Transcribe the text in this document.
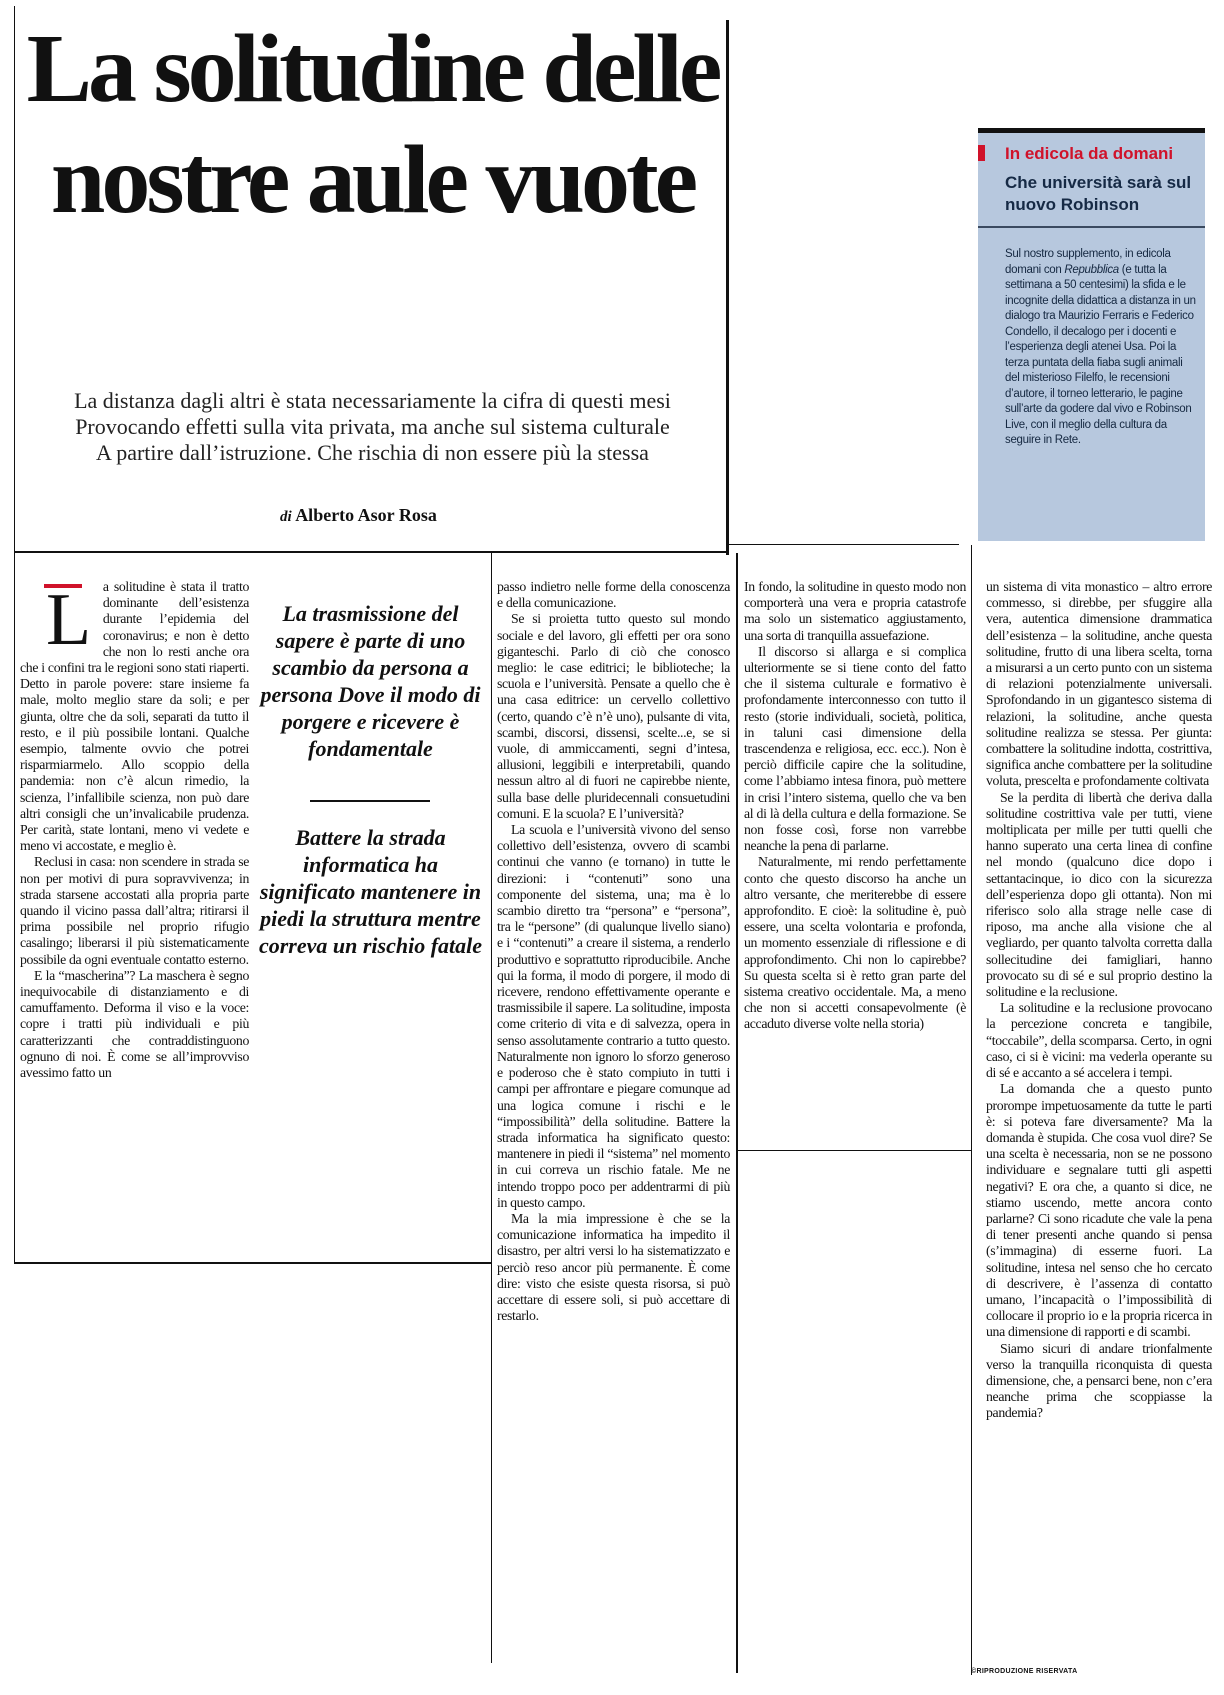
La solitudine delle nostre aule vuote
La distanza dagli altri è stata necessariamente la cifra di questi mesi
Provocando effetti sulla vita privata, ma anche sul sistema culturale
A partire dall’istruzione. Che rischia di non essere più la stessa
di Alberto Asor Rosa
In edicola da domani
Che università sarà sul nuovo Robinson
Sul nostro supplemento, in edicola domani con Repubblica (e tutta la settimana a 50 centesimi) la sfida e le incognite della didattica a distanza in un dialogo tra Maurizio Ferraris e Federico Condello, il decalogo per i docenti e l’esperienza degli atenei Usa. Poi la terza puntata della fiaba sugli animali del misterioso Filelfo, le recensioni d’autore, il torneo letterario, le pagine sull’arte da godere dal vivo e Robinson Live, con il meglio della cultura da seguire in Rete.
L a solitudine è stata il tratto dominante dell’esistenza durante l’epidemia del coronavirus; e non è detto che non lo resti anche ora che i confini tra le regioni sono stati riaperti. Detto in parole povere: stare insieme fa male, molto meglio stare da soli; e per giunta, oltre che da soli, separati da tutto il resto, e il più possibile lontani. Qualche esempio, talmente ovvio che potrei risparmiarmelo. Allo scoppio della pandemia: non c’è alcun rimedio, la scienza, l’infallibile scienza, non può dare altri consigli che un’invalicabile prudenza. Per carità, state lontani, meno vi vedete e meno vi accostate, e meglio è.

Reclusi in casa: non scendere in strada se non per motivi di pura sopravvivenza; in strada starsene accostati alla propria parte quando il vicino passa dall’altra; ritirarsi il prima possibile nel proprio rifugio casalingo; liberarsi il più sistematicamente possibile da ogni eventuale contatto esterno.

E la “mascherina”? La maschera è segno inequivocabile di distanziamento e di camuffamento. Deforma il viso e la voce: copre i tratti più individuali e più caratterizzanti che contraddistinguono ognuno di noi. È come se all’improvviso avessimo fatto un

La trasmissione del sapere è parte di uno scambio da persona a persona Dove il modo di porgere e ricevere è fondamentale
Battere la strada informatica ha significato mantenere in piedi la struttura mentre correva un rischio fatale

passo indietro nelle forme della conoscenza e della comunicazione.

Se si proietta tutto questo sul mondo sociale e del lavoro, gli effetti per ora sono giganteschi. Parlo di ciò che conosco meglio: le case editrici; le biblioteche; la scuola e l’università. Pensate a quello che è una casa editrice: un cervello collettivo (certo, quando c’è n’è uno), pulsante di vita, scambi, discorsi, dissensi, scelte...e, se si vuole, di ammiccamenti, segni d’intesa, allusioni, leggibili e interpretabili, quando nessun altro al di fuori ne capirebbe niente, sulla base delle pluridecennali consuetudini comuni. E la scuola? E l’università?

La scuola e l’università vivono del senso collettivo dell’esistenza, ovvero di scambi continui che vanno (e tornano) in tutte le direzioni: i “contenuti” sono una componente del sistema, una; ma è lo scambio diretto tra “persona” e “persona”, tra le “persone” (di qualunque livello siano) e i “contenuti” a creare il sistema, a renderlo produttivo e soprattutto riproducibile. Anche qui la forma, il modo di porgere, il modo di ricevere, rendono effettivamente operante e trasmissibile il sapere. La solitudine, imposta come criterio di vita e di salvezza, opera in senso assolutamente contrario a tutto questo. Naturalmente non ignoro lo sforzo generoso e poderoso che è stato compiuto in tutti i campi per affrontare e piegare comunque ad una logica comune i rischi e le “impossibilità” della solitudine. Battere la strada informatica ha significato questo: mantenere in piedi il “sistema” nel momento in cui correva un rischio fatale. Me ne intendo troppo poco per addentrarmi di più in questo campo.

Ma la mia impressione è che se la comunicazione informatica ha impedito il disastro, per altri versi lo ha sistematizzato e perciò reso ancor più permanente. È come dire: visto che esiste questa risorsa, si può accettare di essere soli, si può accettare di restarlo.

In fondo, la solitudine in questo modo non comporterà una vera e propria catastrofe ma solo un sistematico aggiustamento, una sorta di tranquilla assuefazione.

Il discorso si allarga e si complica ulteriormente se si tiene conto del fatto che il sistema culturale e formativo è profondamente interconnesso con tutto il resto (storie individuali, società, politica, in taluni casi dimensione della trascendenza e religiosa, ecc. ecc.). Non è perciò difficile capire che la solitudine, come l’abbiamo intesa finora, può mettere in crisi l’intero sistema, quello che va ben al di là della cultura e della formazione. Se non fosse così, forse non varrebbe neanche la pena di parlarne.

Naturalmente, mi rendo perfettamente conto che questo discorso ha anche un altro versante, che meriterebbe di essere approfondito. E cioè: la solitudine è, può essere, una scelta volontaria e profonda, un momento essenziale di riflessione e di approfondimento. Chi non lo capirebbe? Su questa scelta si è retto gran parte del sistema creativo occidentale. Ma, a meno che non si accetti consapevolmente (è accaduto diverse volte nella storia)

un sistema di vita monastico – altro errore commesso, si direbbe, per sfuggire alla vera, autentica dimensione drammatica dell’esistenza – la solitudine, anche questa solitudine, frutto di una libera scelta, torna a misurarsi a un certo punto con un sistema di relazioni potenzialmente universali. Sprofondando in un gigantesco sistema di relazioni, la solitudine, anche questa solitudine realizza se stessa. Per giunta: combattere la solitudine indotta, costrittiva, significa anche combattere per la solitudine voluta, prescelta e profondamente coltivata

Se la perdita di libertà che deriva dalla solitudine costrittiva vale per tutti, viene moltiplicata per mille per tutti quelli che hanno superato una certa linea di confine nel mondo (qualcuno dice dopo i settantacinque, io dico con la sicurezza dell’esperienza dopo gli ottanta). Non mi riferisco solo alla strage nelle case di riposo, ma anche alla visione che al vegliardo, per quanto talvolta corretta dalla sollecitudine dei famigliari, hanno provocato su di sé e sul proprio destino la solitudine e la reclusione.

La solitudine e la reclusione provocano la percezione concreta e tangibile, “toccabile”, della scomparsa. Certo, in ogni caso, ci si è vicini: ma vederla operante su di sé e accanto a sé accelera i tempi.

La domanda che a questo punto prorompe impetuosamente da tutte le parti è: si poteva fare diversamente? Ma la domanda è stupida. Che cosa vuol dire? Se una scelta è necessaria, non se ne possono individuare e segnalare tutti gli aspetti negativi? E ora che, a quanto si dice, ne stiamo uscendo, mette ancora conto parlarne? Ci sono ricadute che vale la pena di tener presenti anche quando si pensa (s’immagina) di esserne fuori. La solitudine, intesa nel senso che ho cercato di descrivere, è l’assenza di contatto umano, l’incapacità o l’impossibilità di collocare il proprio io e la propria ricerca in una dimensione di rapporti e di scambi.

Siamo sicuri di andare trionfalmente verso la tranquilla riconquista di questa dimensione, che, a pensarci bene, non c’era neanche prima che scoppiasse la pandemia?

©RIPRODUZIONE RISERVATA
